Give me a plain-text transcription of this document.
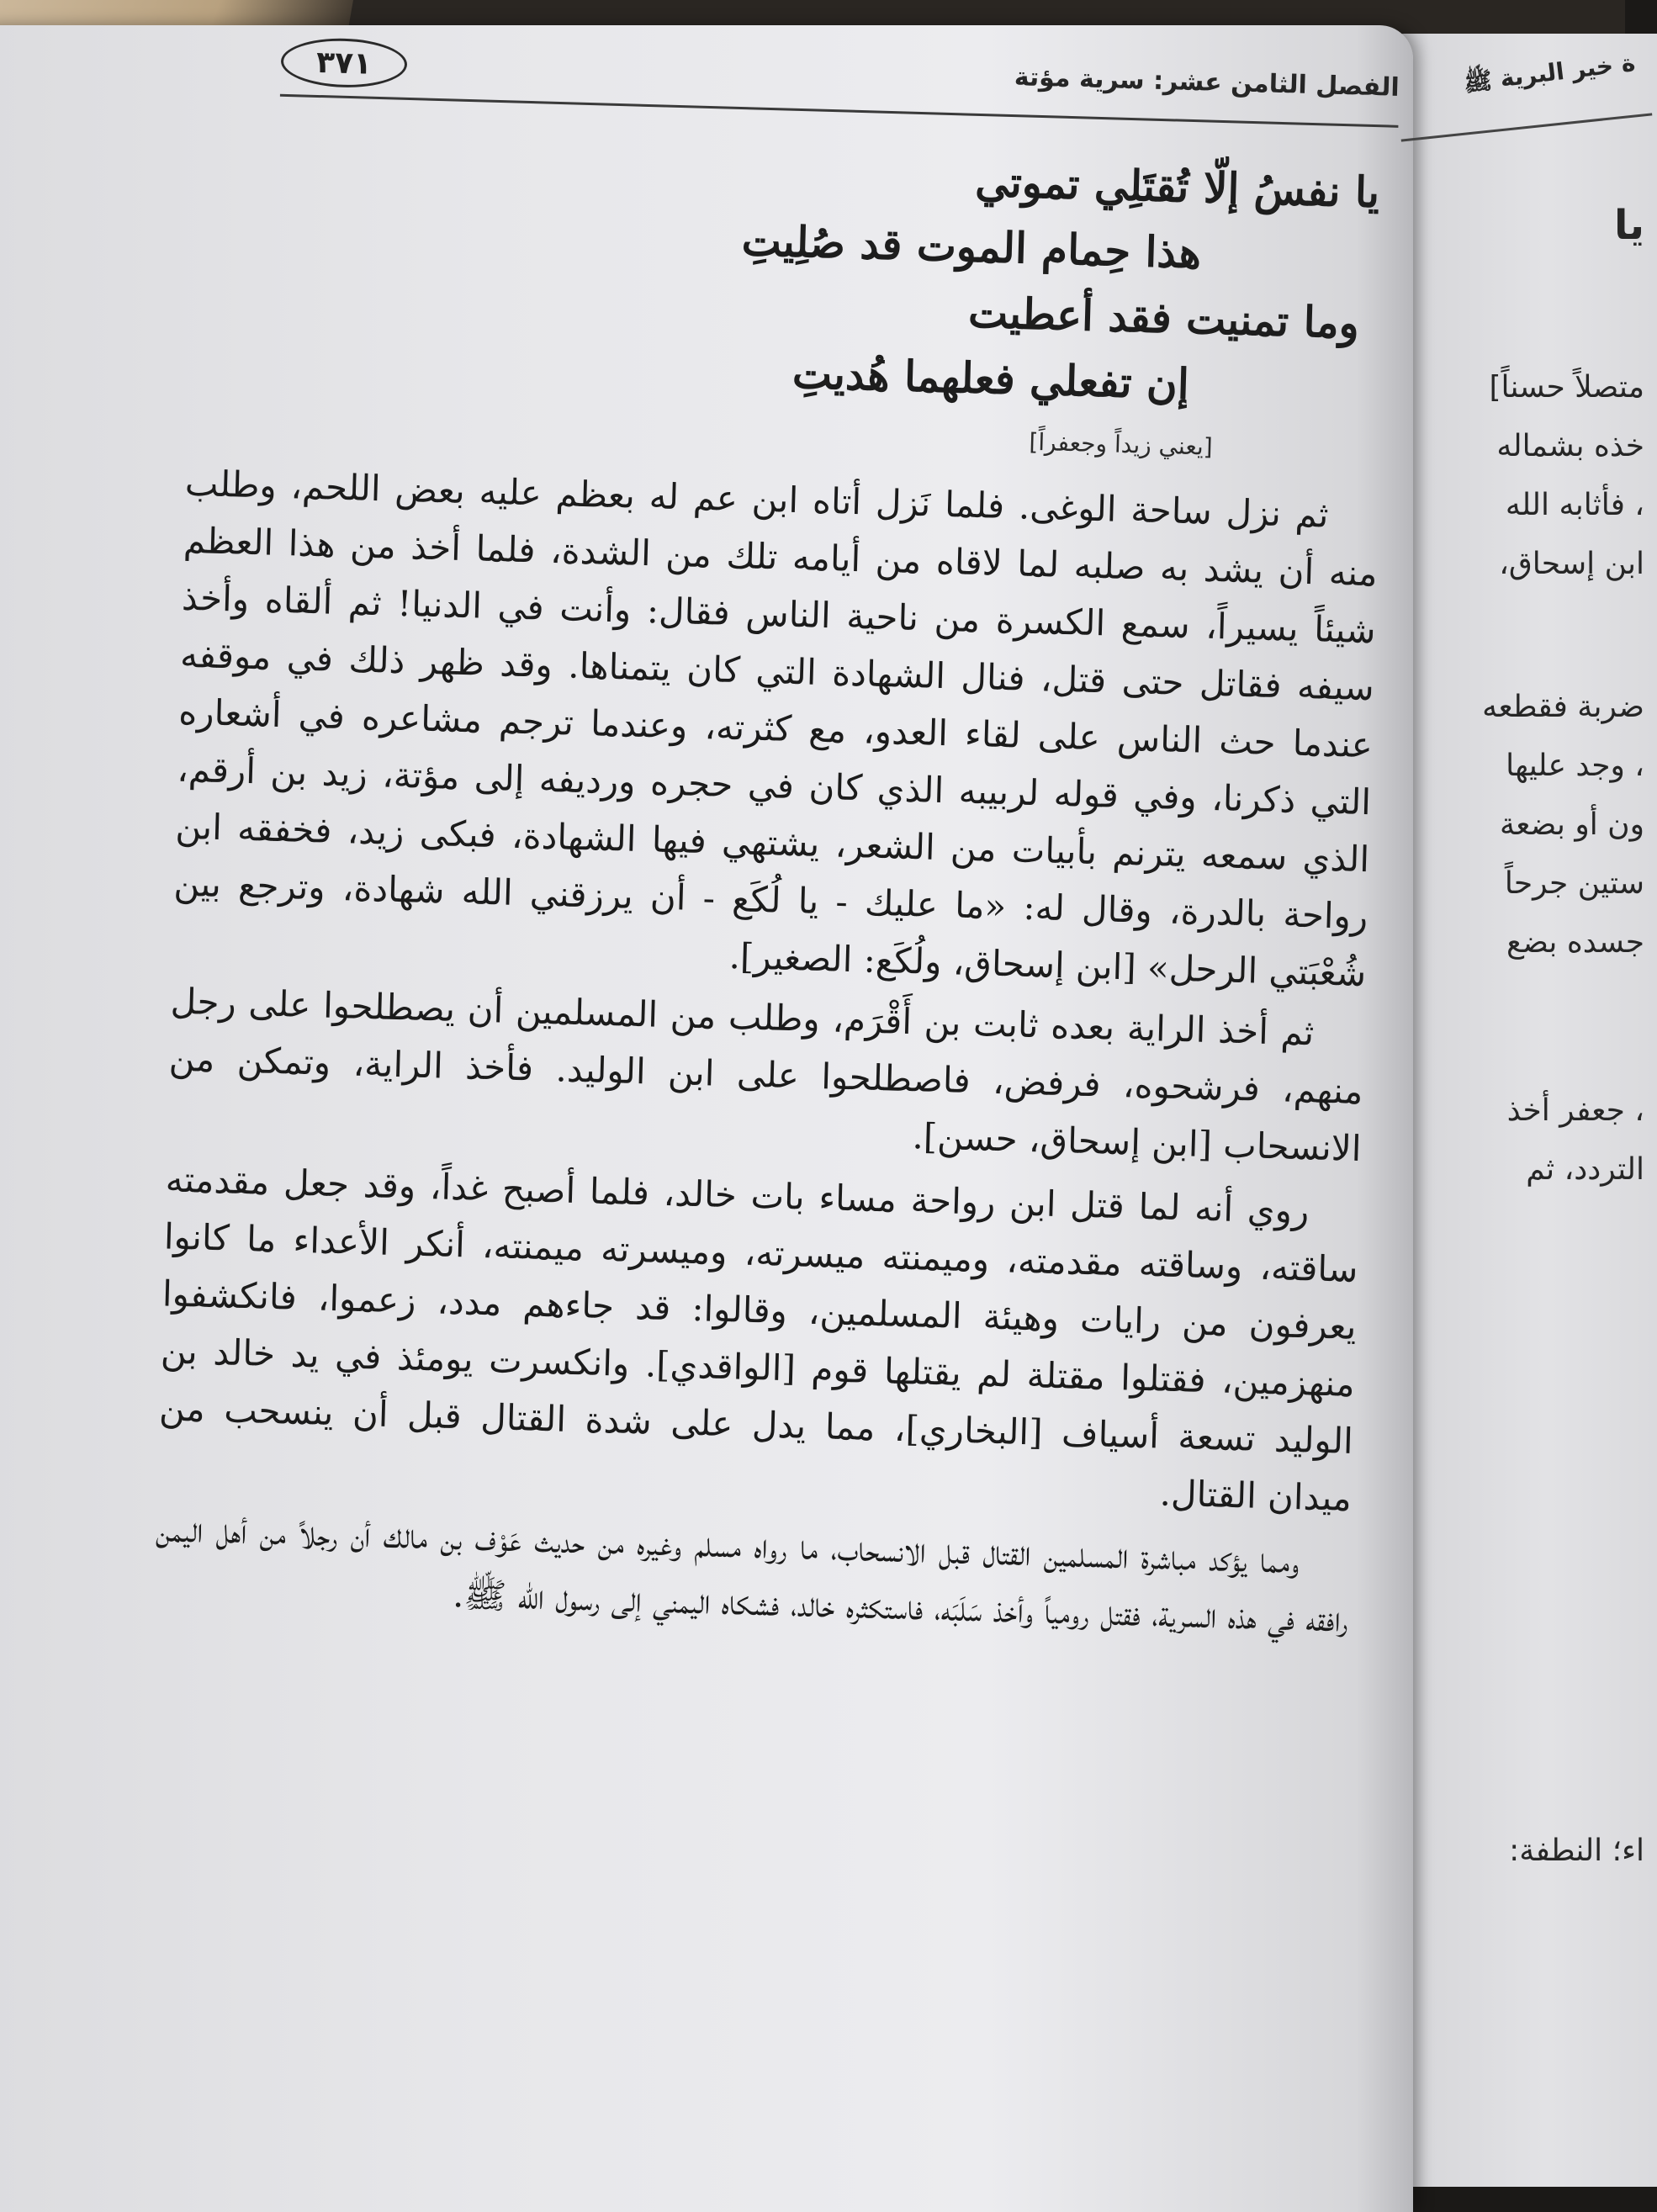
ة خير البرية ﷺ
يا
متصلاً حسناً]
خذه بشماله
، فأثابه الله
ابن إسحاق،
ضربة فقطعه
، وجد عليها
ون أو بضعة
ستين جرحاً
جسده بضع
، جعفر أخذ
التردد، ثم
اء؛ النطفة:
٣٧١	الفصل الثامن عشر: سرية مؤتة
يا نفسُ إلّا تُقتَلِي تموتي
هذا حِمام الموت قد صُلِيتِ
وما تمنيت فقد أعطيت
إن تفعلي فعلهما هُديتِ
[يعني زيداً وجعفراً]

ثم نزل ساحة الوغى. فلما نَزل أتاه ابن عم له بعظم عليه بعض اللحم، وطلب منه أن يشد به صلبه لما لاقاه من أيامه تلك من الشدة، فلما أخذ من هذا العظم شيئاً يسيراً، سمع الكسرة من ناحية الناس فقال: وأنت في الدنيا! ثم ألقاه وأخذ سيفه فقاتل حتى قتل، فنال الشهادة التي كان يتمناها. وقد ظهر ذلك في موقفه عندما حث الناس على لقاء العدو، مع كثرته، وعندما ترجم مشاعره في أشعاره التي ذكرنا، وفي قوله لربيبه الذي كان في حجره ورديفه إلى مؤتة، زيد بن أرقم، الذي سمعه يترنم بأبيات من الشعر، يشتهي فيها الشهادة، فبكى زيد، فخفقه ابن رواحة بالدرة، وقال له: «ما عليك - يا لُكَع - أن يرزقني الله شهادة، وترجع بين شُعْبَتي الرحل» [ابن إسحاق، ولُكَع: الصغير].

ثم أخذ الراية بعده ثابت بن أَقْرَم، وطلب من المسلمين أن يصطلحوا على رجل منهم، فرشحوه، فرفض، فاصطلحوا على ابن الوليد. فأخذ الراية، وتمكن من الانسحاب [ابن إسحاق، حسن].

روي أنه لما قتل ابن رواحة مساء بات خالد، فلما أصبح غداً، وقد جعل مقدمته ساقته، وساقته مقدمته، وميمنته ميسرته، وميسرته ميمنته، أنكر الأعداء ما كانوا يعرفون من رايات وهيئة المسلمين، وقالوا: قد جاءهم مدد، زعموا، فانكشفوا منهزمين، فقتلوا مقتلة لم يقتلها قوم [الواقدي]. وانكسرت يومئذ في يد خالد بن الوليد تسعة أسياف [البخاري]، مما يدل على شدة القتال قبل أن ينسحب من ميدان القتال.

ومما يؤكد مباشرة المسلمين القتال قبل الانسحاب، ما رواه مسلم وغيره من حديث عَوْف بن مالك أن رجلاً من أهل اليمن رافقه في هذه السرية، فقتل رومياً وأخذ سَلَبَه، فاستكثره خالد، فشكاه اليمني إلى رسول الله ﷺ.
